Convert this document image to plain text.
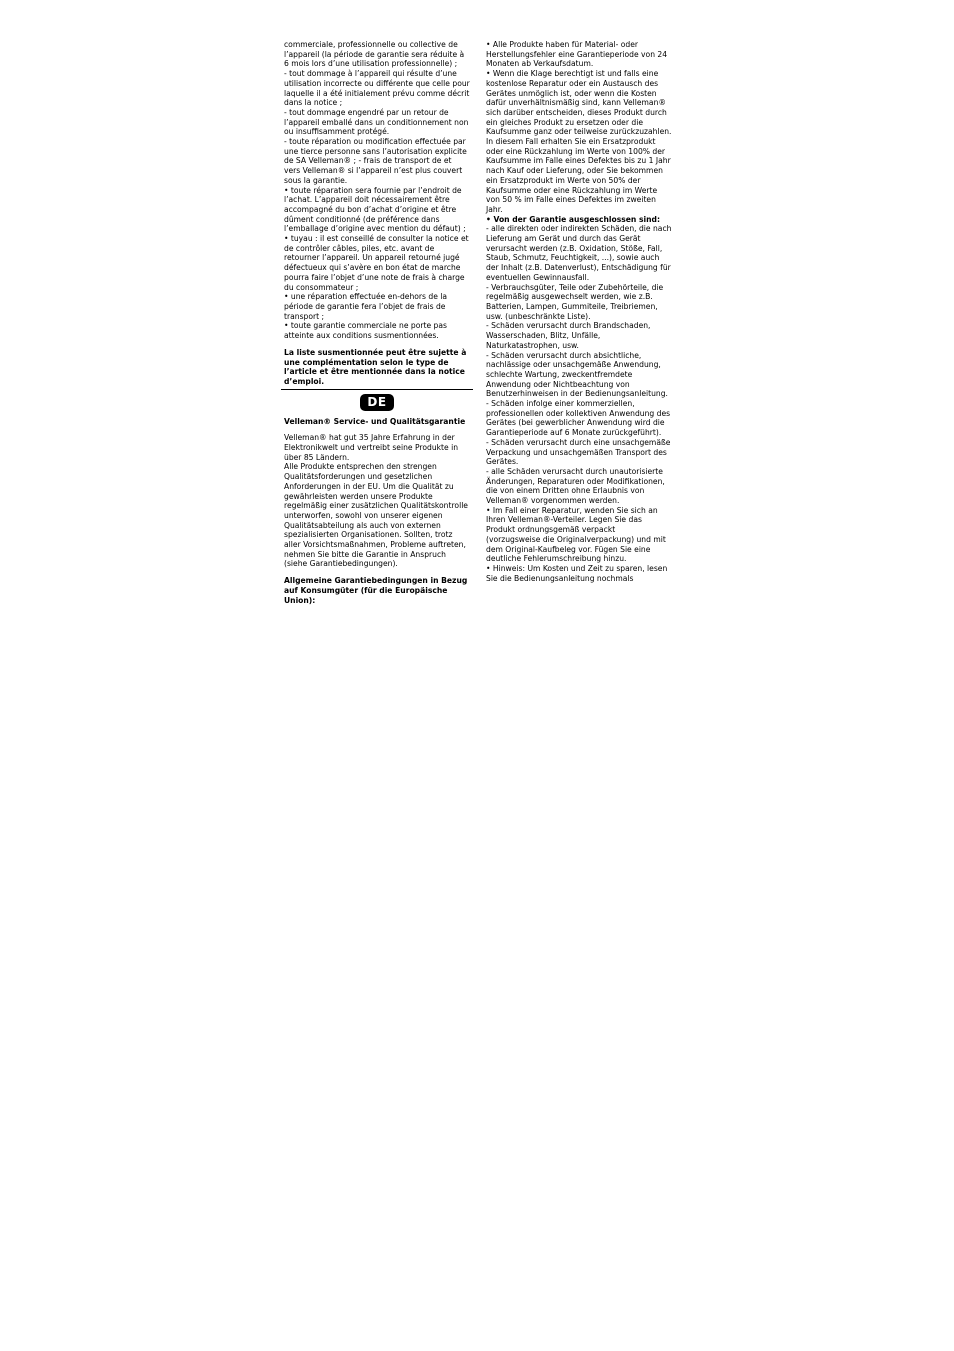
commerciale, professionnelle ou collective de l’appareil (la période de garantie sera réduite à 6 mois lors d’une utilisation professionnelle) ;

- tout dommage à l’appareil qui résulte d’une utilisation incorrecte ou différente que celle pour laquelle il a été initialement prévu comme décrit dans la notice ;

- tout dommage engendré par un retour de l’appareil emballé dans un conditionnement non ou insuffisamment protégé.

- toute réparation ou modification effectuée par une tierce personne sans l’autorisation explicite de SA Velleman® ; - frais de transport de et vers Velleman® si l’appareil n’est plus couvert sous la garantie.

• toute réparation sera fournie par l’endroit de l’achat. L’appareil doit nécessairement être accompagné du bon d’achat d’origine et être dûment conditionné (de préférence dans l’emballage d’origine avec mention du défaut) ;

• tuyau : il est conseillé de consulter la notice et de contrôler câbles, piles, etc. avant de retourner l’appareil. Un appareil retourné jugé défectueux qui s’avère en bon état de marche pourra faire l’objet d’une note de frais à charge du consommateur ;

• une réparation effectuée en-dehors de la période de garantie fera l’objet de frais de transport ;

• toute garantie commerciale ne porte pas atteinte aux conditions susmentionnées.

La liste susmentionnée peut être sujette à une complémentation selon le type de l’article et être mentionnée dans la notice d’emploi.

DE

Velleman® Service- und Qualitätsgarantie

Velleman® hat gut 35 Jahre Erfahrung in der Elektronikwelt und vertreibt seine Produkte in über 85 Ländern.

Alle Produkte entsprechen den strengen Qualitätsforderungen und gesetzlichen Anforderungen in der EU. Um die Qualität zu gewährleisten werden unsere Produkte regelmäßig einer zusätzlichen Qualitätskontrolle unterworfen, sowohl von unserer eigenen Qualitätsabteilung als auch von externen spezialisierten Organisationen. Sollten, trotz aller Vorsichtsmaßnahmen, Probleme auftreten, nehmen Sie bitte die Garantie in Anspruch (siehe Garantiebedingungen).

Allgemeine Garantiebedingungen in Bezug auf Konsumgüter (für die Europäische Union):

• Alle Produkte haben für Material- oder Herstellungsfehler eine Garantieperiode von 24 Monaten ab Verkaufsdatum.

• Wenn die Klage berechtigt ist und falls eine kostenlose Reparatur oder ein Austausch des Gerätes unmöglich ist, oder wenn die Kosten dafür unverhältnismäßig sind, kann Velleman® sich darüber entscheiden, dieses Produkt durch ein gleiches Produkt zu ersetzen oder die Kaufsumme ganz oder teilweise zurückzuzahlen. In diesem Fall erhalten Sie ein Ersatzprodukt oder eine Rückzahlung im Werte von 100% der Kaufsumme im Falle eines Defektes bis zu 1 Jahr nach Kauf oder Lieferung, oder Sie bekommen ein Ersatzprodukt im Werte von 50% der Kaufsumme oder eine Rückzahlung im Werte von 50 % im Falle eines Defektes im zweiten Jahr.

• Von der Garantie ausgeschlossen sind:

- alle direkten oder indirekten Schäden, die nach Lieferung am Gerät und durch das Gerät verursacht werden (z.B. Oxidation, Stöße, Fall, Staub, Schmutz, Feuchtigkeit, ...), sowie auch der Inhalt (z.B. Datenverlust), Entschädigung für eventuellen Gewinnausfall.

- Verbrauchsgüter, Teile oder Zubehörteile, die regelmäßig ausgewechselt werden, wie z.B. Batterien, Lampen, Gummiteile, Treibriemen, usw. (unbeschränkte Liste).

- Schäden verursacht durch Brandschaden, Wasserschaden, Blitz, Unfälle, Naturkatastrophen, usw.

- Schäden verursacht durch absichtliche, nachlässige oder unsachgemäße Anwendung, schlechte Wartung, zweckentfremdete Anwendung oder Nichtbeachtung von Benutzerhinweisen in der Bedienungsanleitung.

- Schäden infolge einer kommerziellen, professionellen oder kollektiven Anwendung des Gerätes (bei gewerblicher Anwendung wird die Garantieperiode auf 6 Monate zurückgeführt).

- Schäden verursacht durch eine unsachgemäße Verpackung und unsachgemäßen Transport des Gerätes.

- alle Schäden verursacht durch unautorisierte Änderungen, Reparaturen oder Modifikationen, die von einem Dritten ohne Erlaubnis von Velleman® vorgenommen werden.

• Im Fall einer Reparatur, wenden Sie sich an Ihren Velleman®-Verteiler. Legen Sie das Produkt ordnungsgemäß verpackt (vorzugsweise die Originalverpackung) und mit dem Original-Kaufbeleg vor. Fügen Sie eine deutliche Fehlerumschreibung hinzu.

• Hinweis: Um Kosten und Zeit zu sparen, lesen Sie die Bedienungsanleitung nochmals
